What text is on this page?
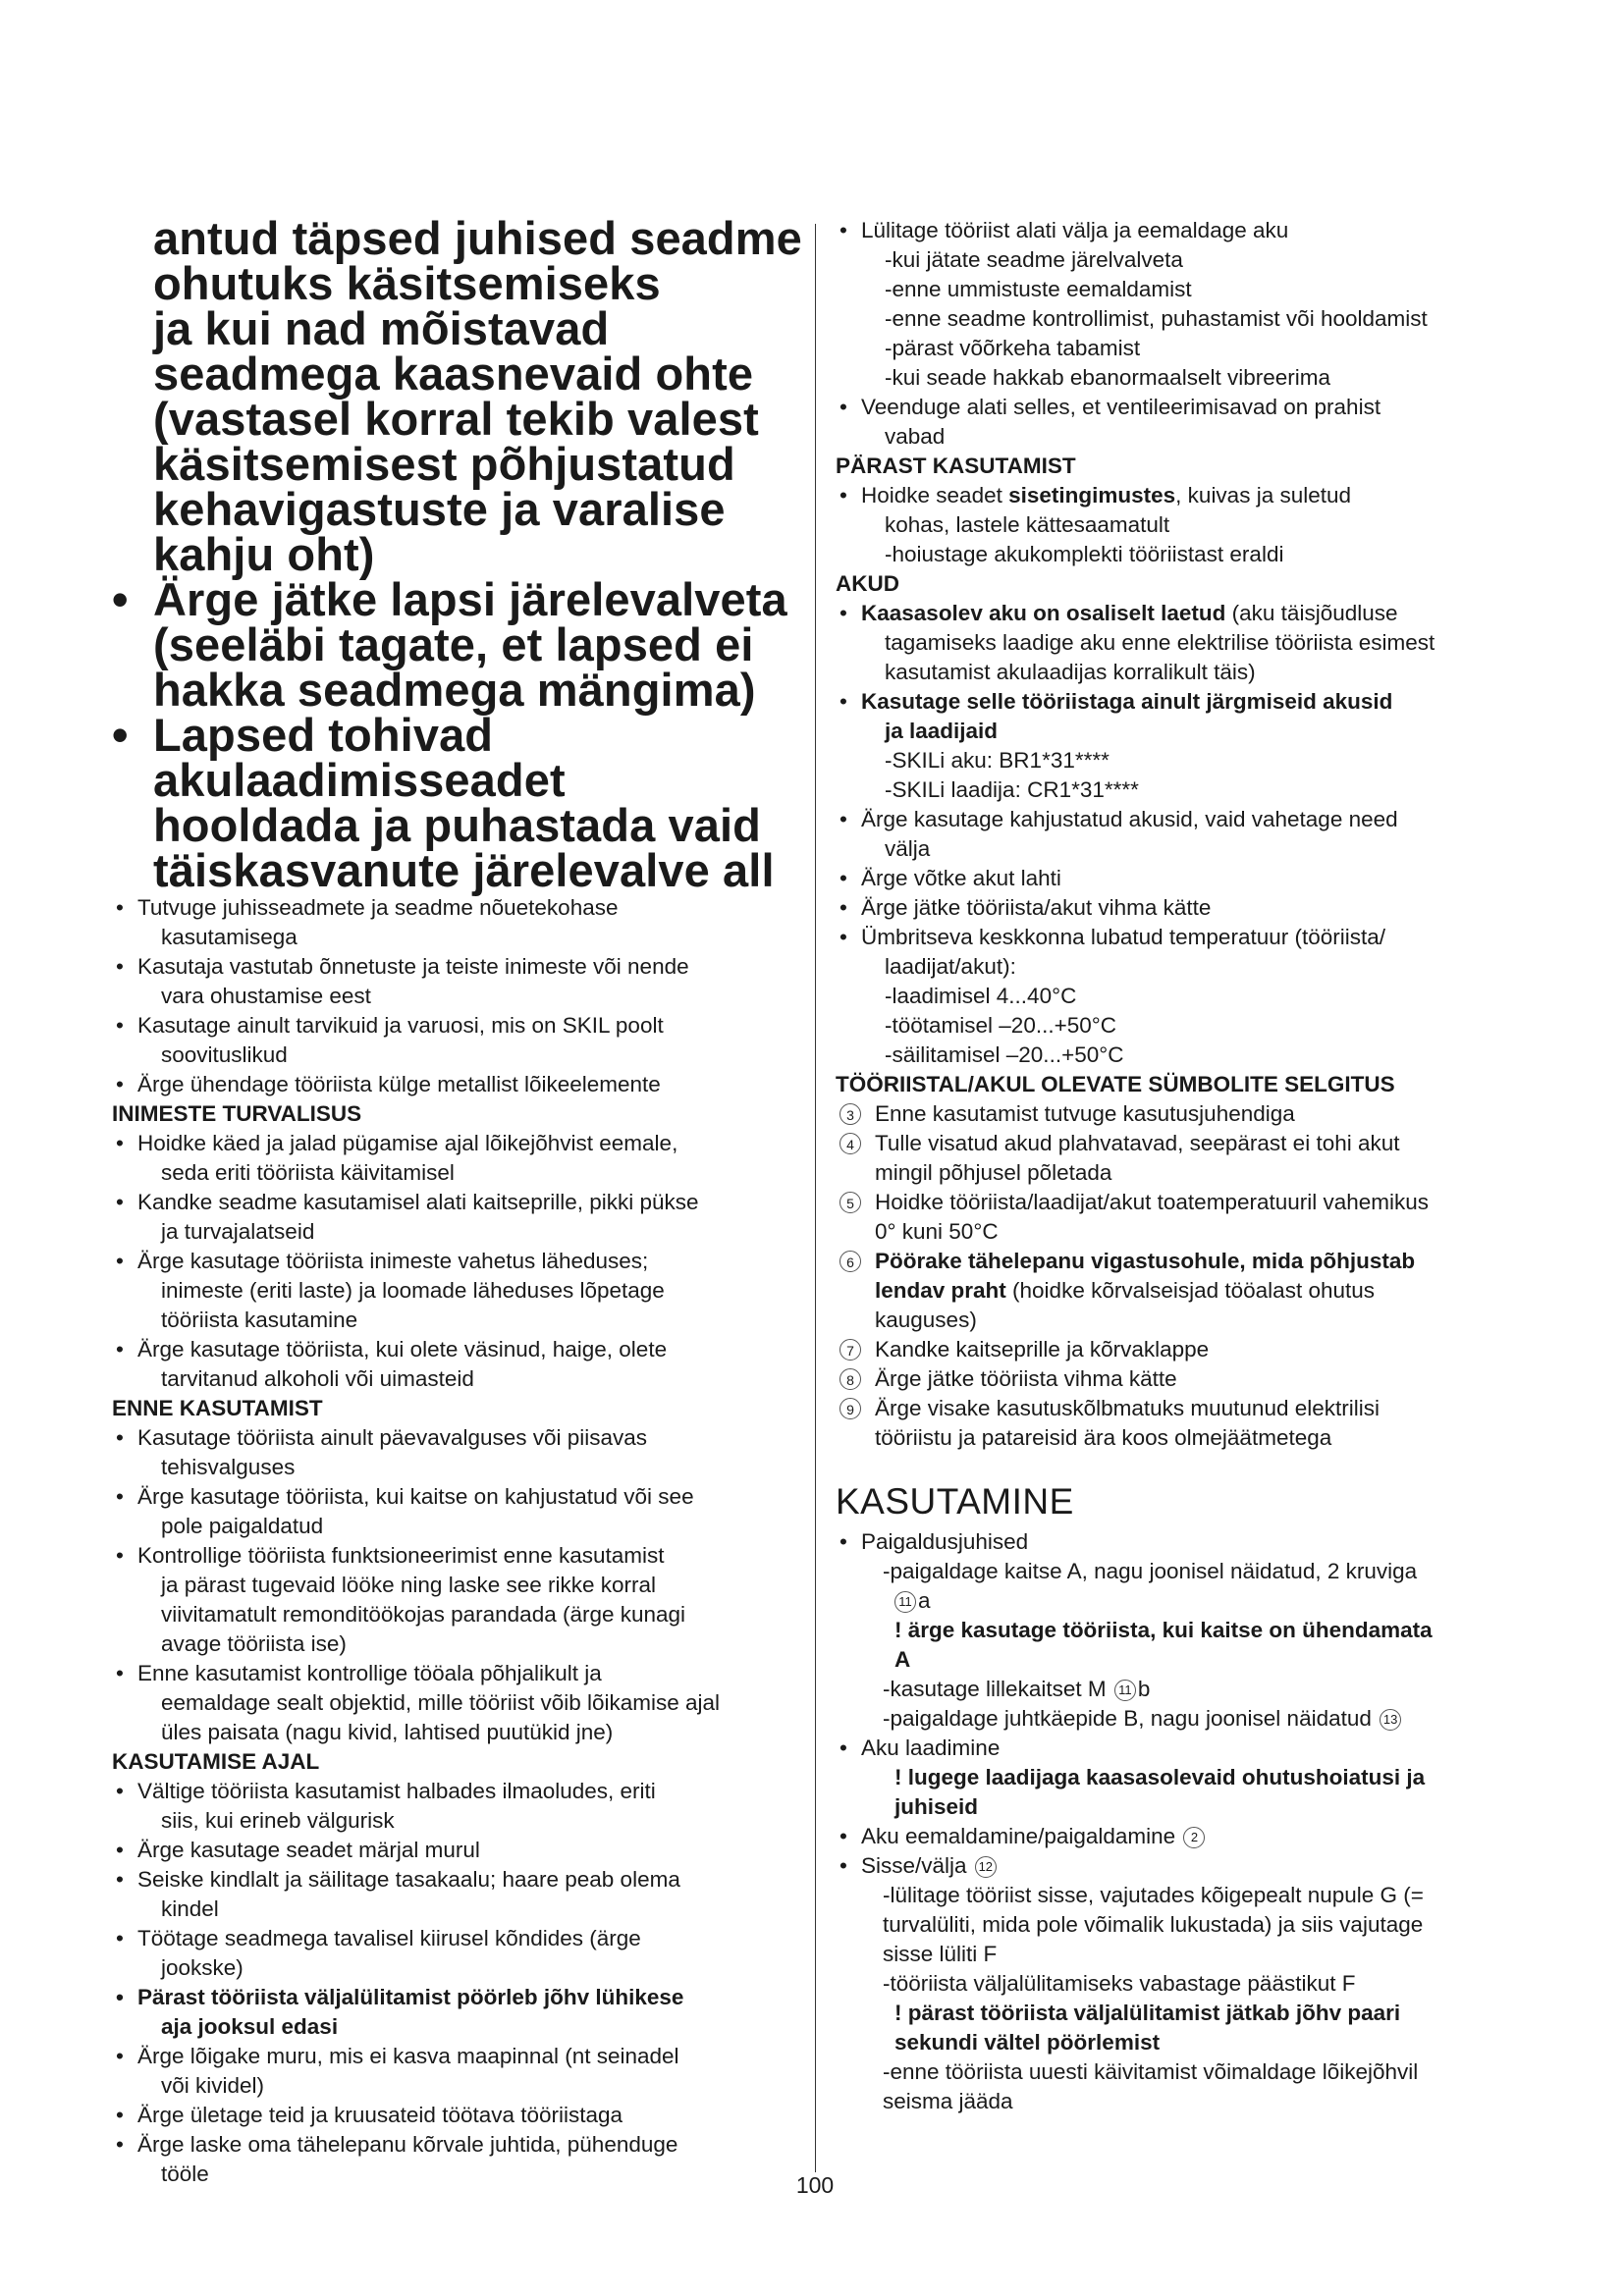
antud täpsed juhised seadme

ohutuks käsitsemiseks

ja kui nad mõistavad

seadmega kaasnevaid ohte

(vastasel korral tekib valest

käsitsemisest põhjustatud

kehavigastuste ja varalise

kahju oht)

• Ärge jätke lapsi järelevalveta

(seeläbi tagate, et lapsed ei

hakka seadmega mängima)

• Lapsed tohivad

akulaadimisseadet

hooldada ja puhastada vaid

täiskasvanute järelevalve all

• Tutvuge juhisseadmete ja seadme nõuetekohase

kasutamisega

• Kasutaja vastutab õnnetuste ja teiste inimeste või nende

vara ohustamise eest

• Kasutage ainult tarvikuid ja varuosi, mis on SKIL poolt

soovituslikud

• Ärge ühendage tööriista külge metallist lõikeelemente

INIMESTE TURVALISUS

• Hoidke käed ja jalad pügamise ajal lõikejõhvist eemale,

seda eriti tööriista käivitamisel

• Kandke seadme kasutamisel alati kaitseprille, pikki pükse

ja turvajalatseid

• Ärge kasutage tööriista inimeste vahetus läheduses;

inimeste (eriti laste) ja loomade läheduses lõpetage

tööriista kasutamine

• Ärge kasutage tööriista, kui olete väsinud, haige, olete

tarvitanud alkoholi või uimasteid

ENNE KASUTAMIST

• Kasutage tööriista ainult päevavalguses või piisavas

tehisvalguses

• Ärge kasutage tööriista, kui kaitse on kahjustatud või see

pole paigaldatud

• Kontrollige tööriista funktsioneerimist enne kasutamist

ja pärast tugevaid lööke ning laske see rikke korral

viivitamatult remonditöökojas parandada (ärge kunagi

avage tööriista ise)

• Enne kasutamist kontrollige tööala põhjalikult ja

eemaldage sealt objektid, mille tööriist võib lõikamise ajal

üles paisata (nagu kivid, lahtised puutükid jne)

KASUTAMISE AJAL

• Vältige tööriista kasutamist halbades ilmaoludes, eriti

siis, kui erineb välgurisk

• Ärge kasutage seadet märjal murul

• Seiske kindlalt ja säilitage tasakaalu; haare peab olema

kindel

• Töötage seadmega tavalisel kiirusel kõndides (ärge

jookske)

• Pärast tööriista väljalülitamist pöörleb jõhv lühikese

aja jooksul edasi

• Ärge lõigake muru, mis ei kasva maapinnal (nt seinadel

või kividel)

• Ärge ületage teid ja kruusateid töötava tööriistaga

• Ärge laske oma tähelepanu kõrvale juhtida, pühenduge

tööle

• Lülitage tööriist alati välja ja eemaldage aku

-kui jätate seadme järelvalveta

-enne ummistuste eemaldamist

-enne seadme kontrollimist, puhastamist või hooldamist

-pärast võõrkeha tabamist

-kui seade hakkab ebanormaalselt vibreerima

• Veenduge alati selles, et ventileerimisavad on prahist

vabad

PÄRAST KASUTAMIST

• Hoidke seadet sisetingimustes, kuivas ja suletud

kohas, lastele kättesaamatult

-hoiustage akukomplekti tööriistast eraldi

AKUD

• Kaasasolev aku on osaliselt laetud (aku täisjõudluse

tagamiseks laadige aku enne elektrilise tööriista esimest

kasutamist akulaadijas korralikult täis)

• Kasutage selle tööriistaga ainult järgmiseid akusid

ja laadijaid

-SKILi aku: BR1*31****

-SKILi laadija: CR1*31****

• Ärge kasutage kahjustatud akusid, vaid vahetage need

välja

• Ärge võtke akut lahti

• Ärge jätke tööriista/akut vihma kätte

• Ümbritseva keskkonna lubatud temperatuur (tööriista/

laadijat/akut):

-laadimisel 4...40°C

-töötamisel –20...+50°C

-säilitamisel –20...+50°C

TÖÖRIISTAL/AKUL OLEVATE SÜMBOLITE SELGITUS

3 Enne kasutamist tutvuge kasutusjuhendiga

4 Tulle visatud akud plahvatavad, seepärast ei tohi akut

mingil põhjusel põletada

5 Hoidke tööriista/laadijat/akut toatemperatuuril vahemikus

0° kuni 50°C

6 Pöörake tähelepanu vigastusohule, mida põhjustab

lendav praht (hoidke kõrvalseisjad tööalast ohutus

kauguses)

7 Kandke kaitseprille ja kõrvaklappe

8 Ärge jätke tööriista vihma kätte

9 Ärge visake kasutuskõlbmatuks muutunud elektrilisi

tööriistu ja patareisid ära koos olmejäätmetega

KASUTAMINE

• Paigaldusjuhised

-paigaldage kaitse A, nagu joonisel näidatud, 2 kruviga

11 a

! ärge kasutage tööriista, kui kaitse on ühendamata

A

-kasutage lillekaitset M 11 b

-paigaldage juhtkäepide B, nagu joonisel näidatud 13

• Aku laadimine

! lugege laadijaga kaasasolevaid ohutushoiatusi ja

juhiseid

• Aku eemaldamine/paigaldamine 2

• Sisse/välja 12

-lülitage tööriist sisse, vajutades kõigepealt nupule G (=

turvalüliti, mida pole võimalik lukustada) ja siis vajutage

sisse lüliti F

-tööriista väljalülitamiseks vabastage päästikut F

! pärast tööriista väljalülitamist jätkab jõhv paari

sekundi vältel pöörlemist

-enne tööriista uuesti käivitamist võimaldage lõikejõhvil

seisma jääda

100
